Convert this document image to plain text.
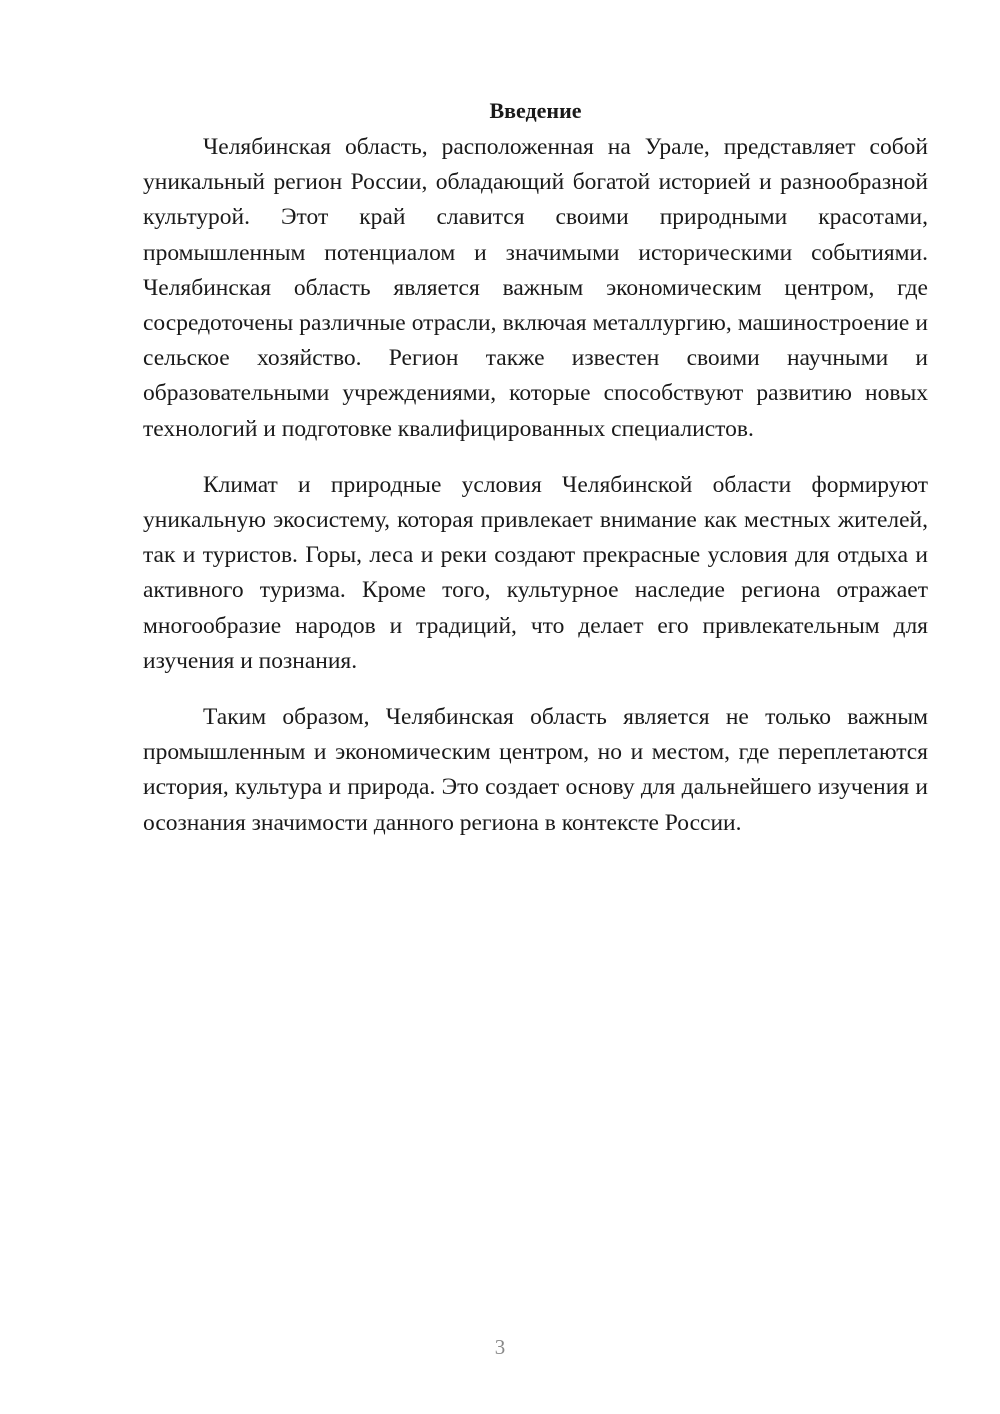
Введение

Челябинская область, расположенная на Урале, представляет собой уникальный регион России, обладающий богатой историей и разнообразной культурой. Этот край славится своими природными красотами, промышленным потенциалом и значимыми историческими событиями. Челябинская область является важным экономическим центром, где сосредоточены различные отрасли, включая металлургию, машиностроение и сельское хозяйство. Регион также известен своими научными и образовательными учреждениями, которые способствуют развитию новых технологий и подготовке квалифицированных специалистов.

Климат и природные условия Челябинской области формируют уникальную экосистему, которая привлекает внимание как местных жителей, так и туристов. Горы, леса и реки создают прекрасные условия для отдыха и активного туризма. Кроме того, культурное наследие региона отражает многообразие народов и традиций, что делает его привлекательным для изучения и познания.

Таким образом, Челябинская область является не только важным промышленным и экономическим центром, но и местом, где переплетаются история, культура и природа. Это создает основу для дальнейшего изучения и осознания значимости данного региона в контексте России.

3
